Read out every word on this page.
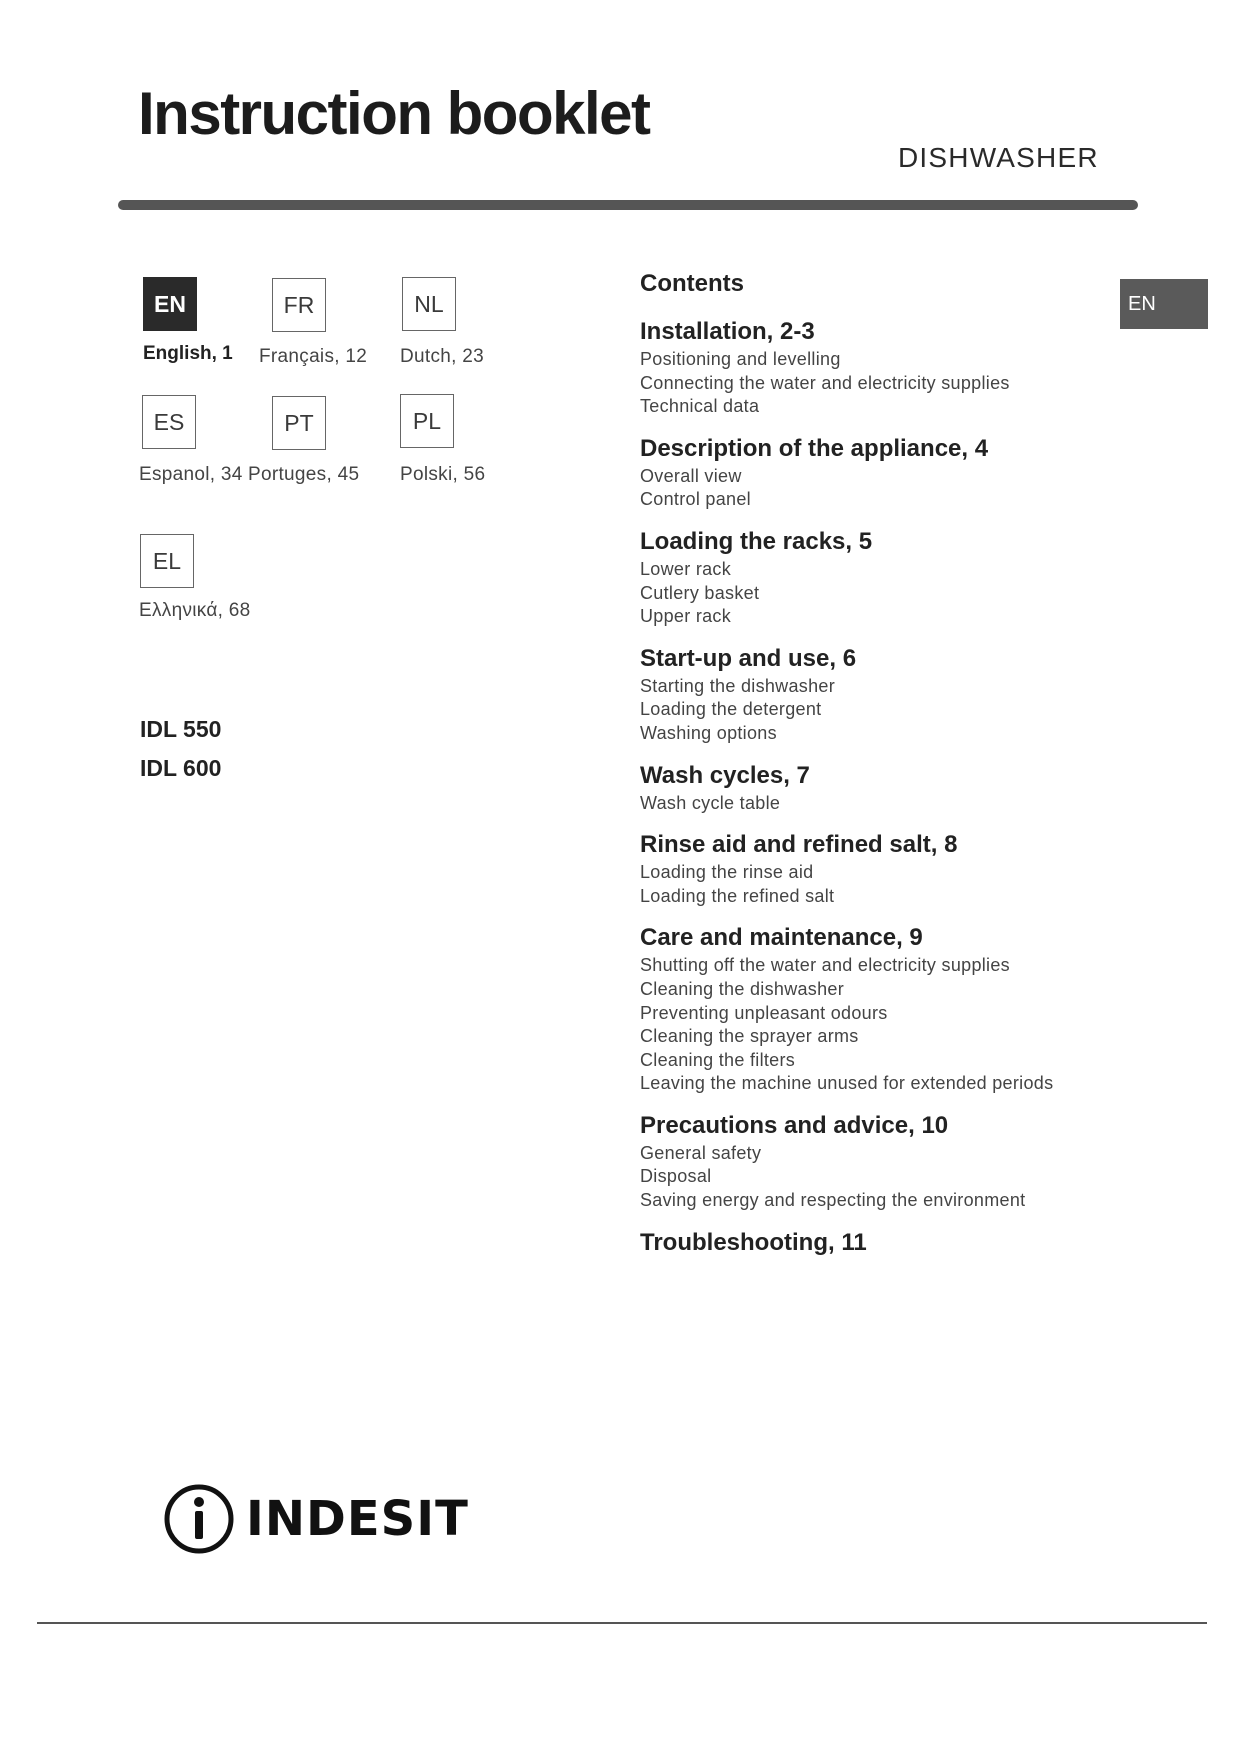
Instruction booklet
DISHWASHER
EN
English, 1
FR
Français, 12
NL
Dutch, 23
ES
Espanol, 34
PT
Portuges, 45
PL
Polski, 56
EL
Ελληνικά, 68
IDL 550
IDL 600
Contents
EN
Installation, 2-3
Positioning and levelling
Connecting the water and electricity supplies
Technical data
Description of the appliance, 4
Overall view
Control panel
Loading the racks, 5
Lower rack
Cutlery basket
Upper rack
Start-up and use, 6
Starting the dishwasher
Loading the detergent
Washing options
Wash cycles, 7
Wash cycle table
Rinse aid and refined salt, 8
Loading the rinse aid
Loading the refined salt
Care and maintenance, 9
Shutting off the water and electricity supplies
Cleaning the dishwasher
Preventing unpleasant odours
Cleaning the sprayer arms
Cleaning the filters
Leaving the machine unused for extended periods
Precautions and advice, 10
General safety
Disposal
Saving energy and respecting the environment
Troubleshooting, 11
INDESIT
